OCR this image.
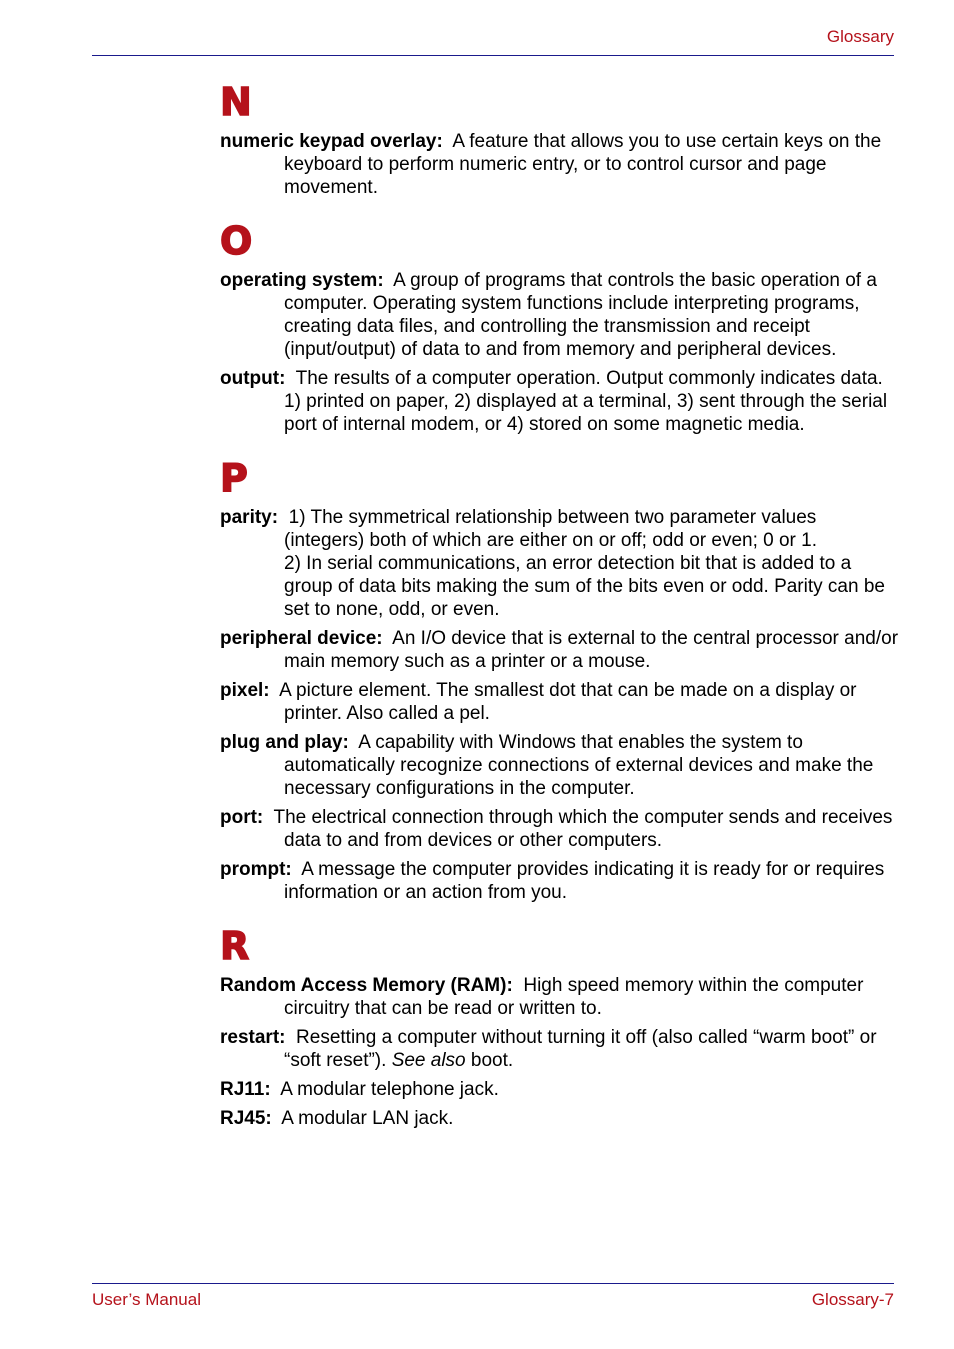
Glossary
N

numeric keypad overlay: A feature that allows you to use certain keys on the keyboard to perform numeric entry, or to control cursor and page movement.

O

operating system: A group of programs that controls the basic operation of a computer. Operating system functions include interpreting programs, creating data files, and controlling the transmission and receipt (input/output) of data to and from memory and peripheral devices.

output: The results of a computer operation. Output commonly indicates data.
1) printed on paper, 2) displayed at a terminal, 3) sent through the serial port of internal modem, or 4) stored on some magnetic media.

P

parity: 1) The symmetrical relationship between two parameter values (integers) both of which are either on or off; odd or even; 0 or 1.
2) In serial communications, an error detection bit that is added to a group of data bits making the sum of the bits even or odd. Parity can be set to none, odd, or even.

peripheral device: An I/O device that is external to the central processor and/or main memory such as a printer or a mouse.

pixel: A picture element. The smallest dot that can be made on a display or printer. Also called a pel.

plug and play: A capability with Windows that enables the system to automatically recognize connections of external devices and make the necessary configurations in the computer.

port: The electrical connection through which the computer sends and receives data to and from devices or other computers.

prompt: A message the computer provides indicating it is ready for or requires information or an action from you.

R

Random Access Memory (RAM): High speed memory within the computer circuitry that can be read or written to.

restart: Resetting a computer without turning it off (also called “warm boot” or “soft reset”). See also boot.

RJ11: A modular telephone jack.

RJ45: A modular LAN jack.

User’s Manual	Glossary-7
